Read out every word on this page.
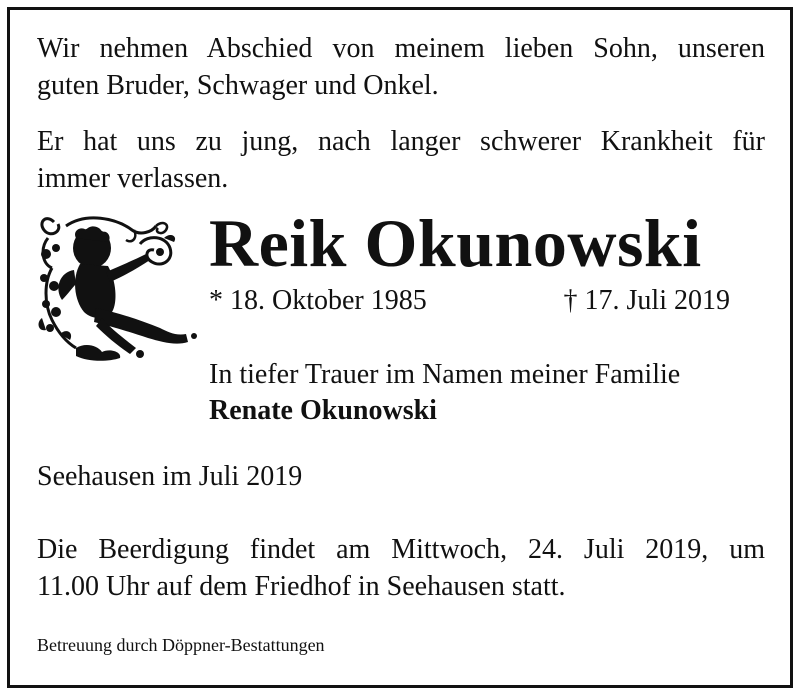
Wir nehmen Abschied von meinem lieben Sohn, unseren
guten Bruder, Schwager und Onkel.

Er hat uns zu jung, nach langer schwerer Krankheit für
immer verlassen.

Reik Okunowski
* 18. Oktober 1985	† 17. Juli 2019
In tiefer Trauer im Namen meiner Familie
Renate Okunowski
Seehausen im Juli 2019

Die Beerdigung findet am Mittwoch, 24. Juli 2019, um
11.00 Uhr auf dem Friedhof in Seehausen statt.

Betreuung durch Döppner-Bestattungen
